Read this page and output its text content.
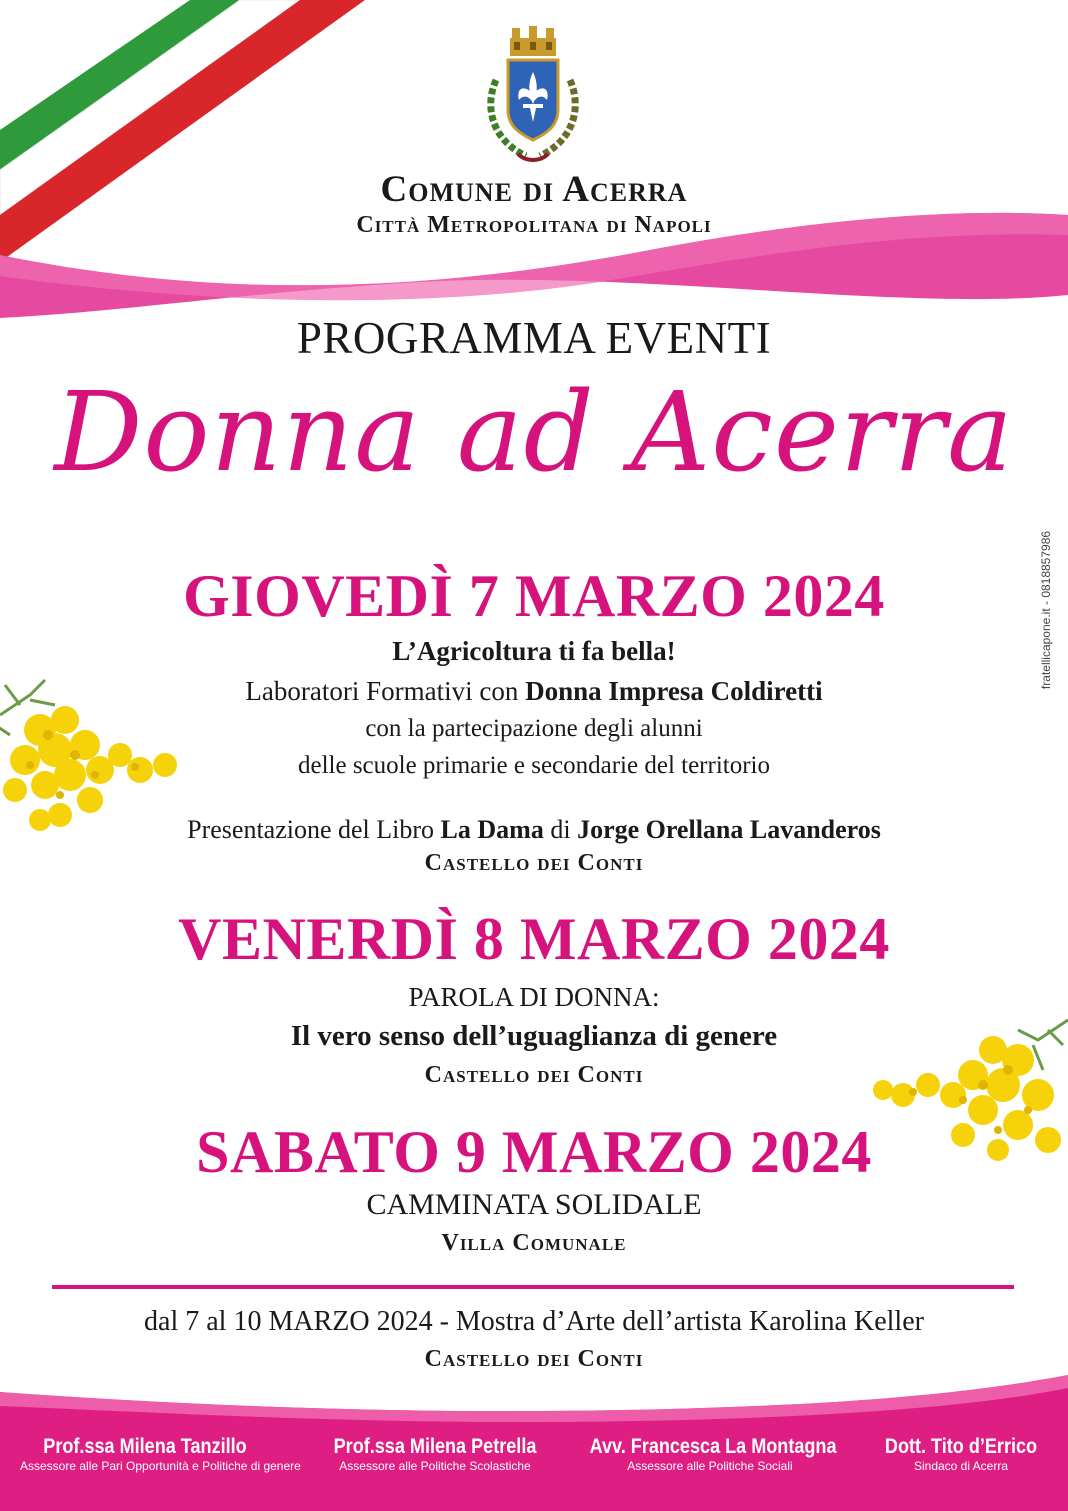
Comune di Acerra
Città Metropolitana di Napoli
PROGRAMMA EVENTI
Donna ad Acerra
fratellicapone.it - 0818857986
GIOVEDÌ 7 MARZO 2024
L’Agricoltura ti fa bella!
Laboratori Formativi con Donna Impresa Coldiretti
con la partecipazione degli alunni
delle scuole primarie e secondarie del territorio
Presentazione del Libro La Dama di Jorge Orellana Lavanderos
Castello dei Conti
VENERDÌ 8 MARZO 2024
PAROLA DI DONNA:
Il vero senso dell’uguaglianza di genere
Castello dei Conti
SABATO 9 MARZO 2024
CAMMINATA SOLIDALE
Villa Comunale
dal 7 al 10 MARZO 2024 - Mostra d’Arte dell’artista Karolina Keller
Castello dei Conti
Prof.ssa Milena Tanzillo
Assessore alle Pari Opportunità e Politiche di genere
Prof.ssa Milena Petrella
Assessore alle Politiche Scolastiche
Avv. Francesca La Montagna
Assessore alle Politiche Sociali
Dott. Tito d’Errico
Sindaco di Acerra
